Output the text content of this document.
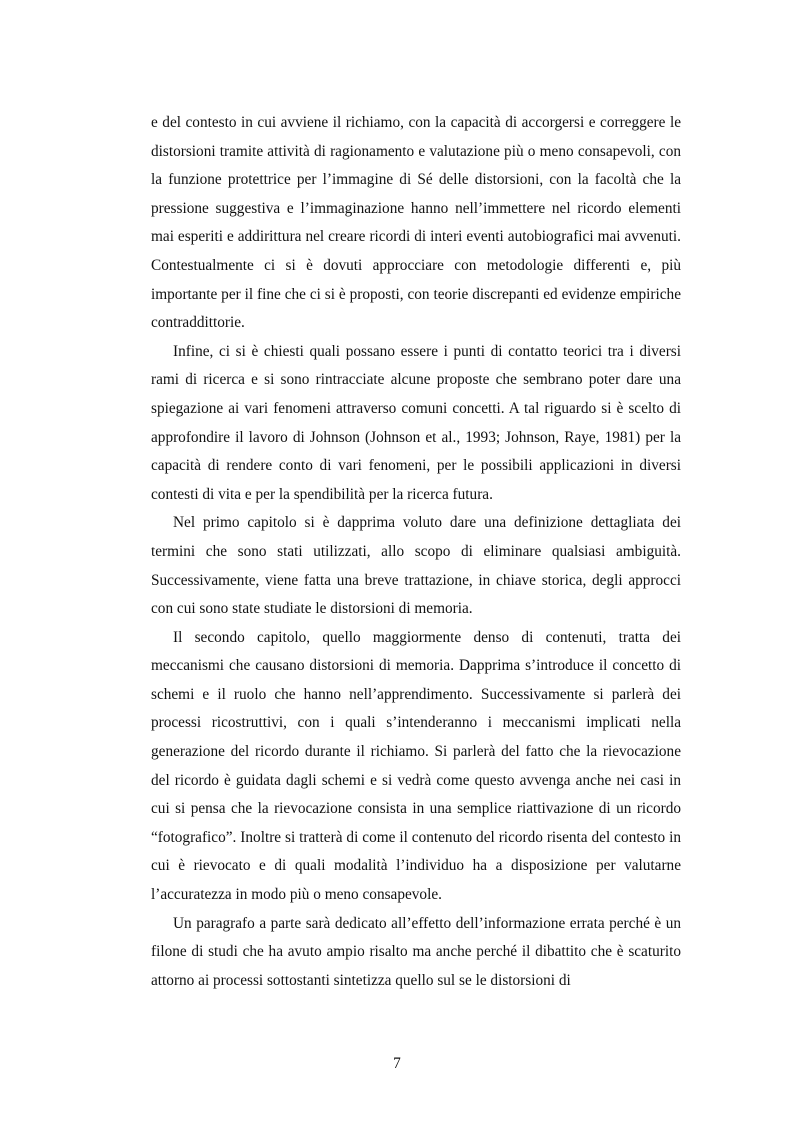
e del contesto in cui avviene il richiamo, con la capacità di accorgersi e correggere le distorsioni tramite attività di ragionamento e valutazione più o meno consapevoli, con la funzione protettrice per l’immagine di Sé delle distorsioni, con la facoltà che la pressione suggestiva e l’immaginazione hanno nell’immettere nel ricordo elementi mai esperiti e addirittura nel creare ricordi di interi eventi autobiografici mai avvenuti. Contestualmente ci si è dovuti approcciare con metodologie differenti e, più importante per il fine che ci si è proposti, con teorie discrepanti ed evidenze empiriche contraddittorie.

Infine, ci si è chiesti quali possano essere i punti di contatto teorici tra i diversi rami di ricerca e si sono rintracciate alcune proposte che sembrano poter dare una spiegazione ai vari fenomeni attraverso comuni concetti. A tal riguardo si è scelto di approfondire il lavoro di Johnson (Johnson et al., 1993; Johnson, Raye, 1981) per la capacità di rendere conto di vari fenomeni, per le possibili applicazioni in diversi contesti di vita e per la spendibilità per la ricerca futura.

Nel primo capitolo si è dapprima voluto dare una definizione dettagliata dei termini che sono stati utilizzati, allo scopo di eliminare qualsiasi ambiguità. Successivamente, viene fatta una breve trattazione, in chiave storica, degli approcci con cui sono state studiate le distorsioni di memoria.

Il secondo capitolo, quello maggiormente denso di contenuti, tratta dei meccanismi che causano distorsioni di memoria. Dapprima s’introduce il concetto di schemi e il ruolo che hanno nell’apprendimento. Successivamente si parlerà dei processi ricostruttivi, con i quali s’intenderanno i meccanismi implicati nella generazione del ricordo durante il richiamo. Si parlerà del fatto che la rievocazione del ricordo è guidata dagli schemi e si vedrà come questo avvenga anche nei casi in cui si pensa che la rievocazione consista in una semplice riattivazione di un ricordo “fotografico”. Inoltre si tratterà di come il contenuto del ricordo risenta del contesto in cui è rievocato e di quali modalità l’individuo ha a disposizione per valutarne l’accuratezza in modo più o meno consapevole.

Un paragrafo a parte sarà dedicato all’effetto dell’informazione errata perché è un filone di studi che ha avuto ampio risalto ma anche perché il dibattito che è scaturito attorno ai processi sottostanti sintetizza quello sul se le distorsioni di

7
